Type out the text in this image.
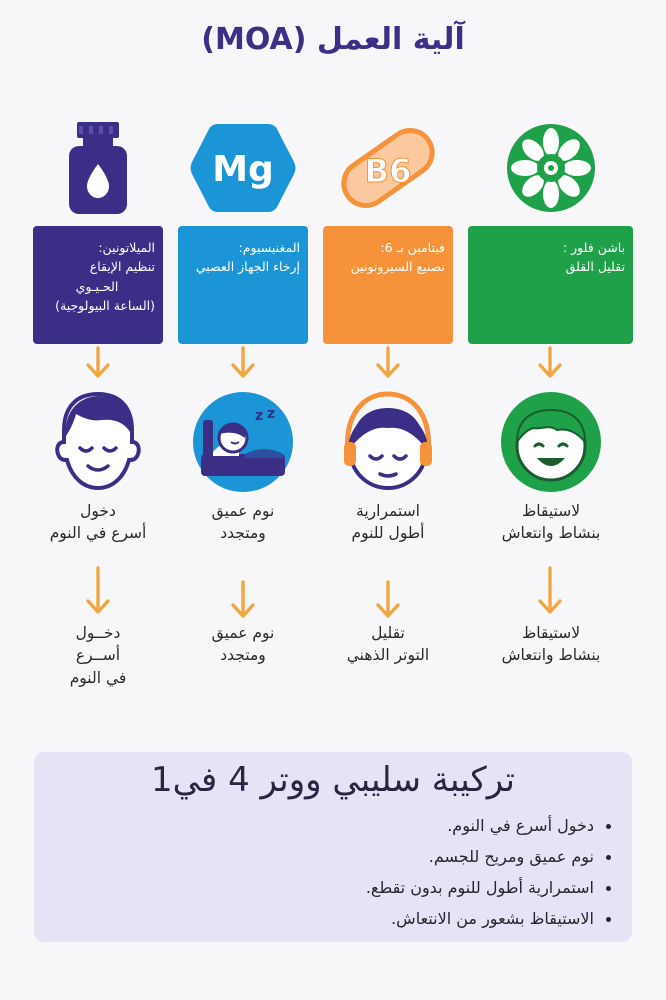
آلية العمل (MOA)
الميلاتونين:
تنظيم الإيقاع
الحـيـوي
(الساعة البيولوجية)
دخول
أسرع في النوم
دخــول
أســرع
في النوم
Mg
المغنيسيوم:
إرخاء الجهاز العصبي
z z
نوم عميق
ومتجدد
نوم عميق
ومتجدد
B6
فيتامين بـ 6:
تصنيع السيروتونين
استمرارية
أطول للنوم
تقليل
التوتر الذهني
باشن فلور :
تقليل القلق
لاستيقاظ
بنشاط وانتعاش
لاستيقاظ
بنشاط وانتعاش
تركيبة سليبي ووتر 4 في1
دخول أسرع في النوم.
نوم عميق ومريح للجسم.
استمرارية أطول للنوم بدون تقطع.
الاستيقاظ بشعور من الانتعاش.
